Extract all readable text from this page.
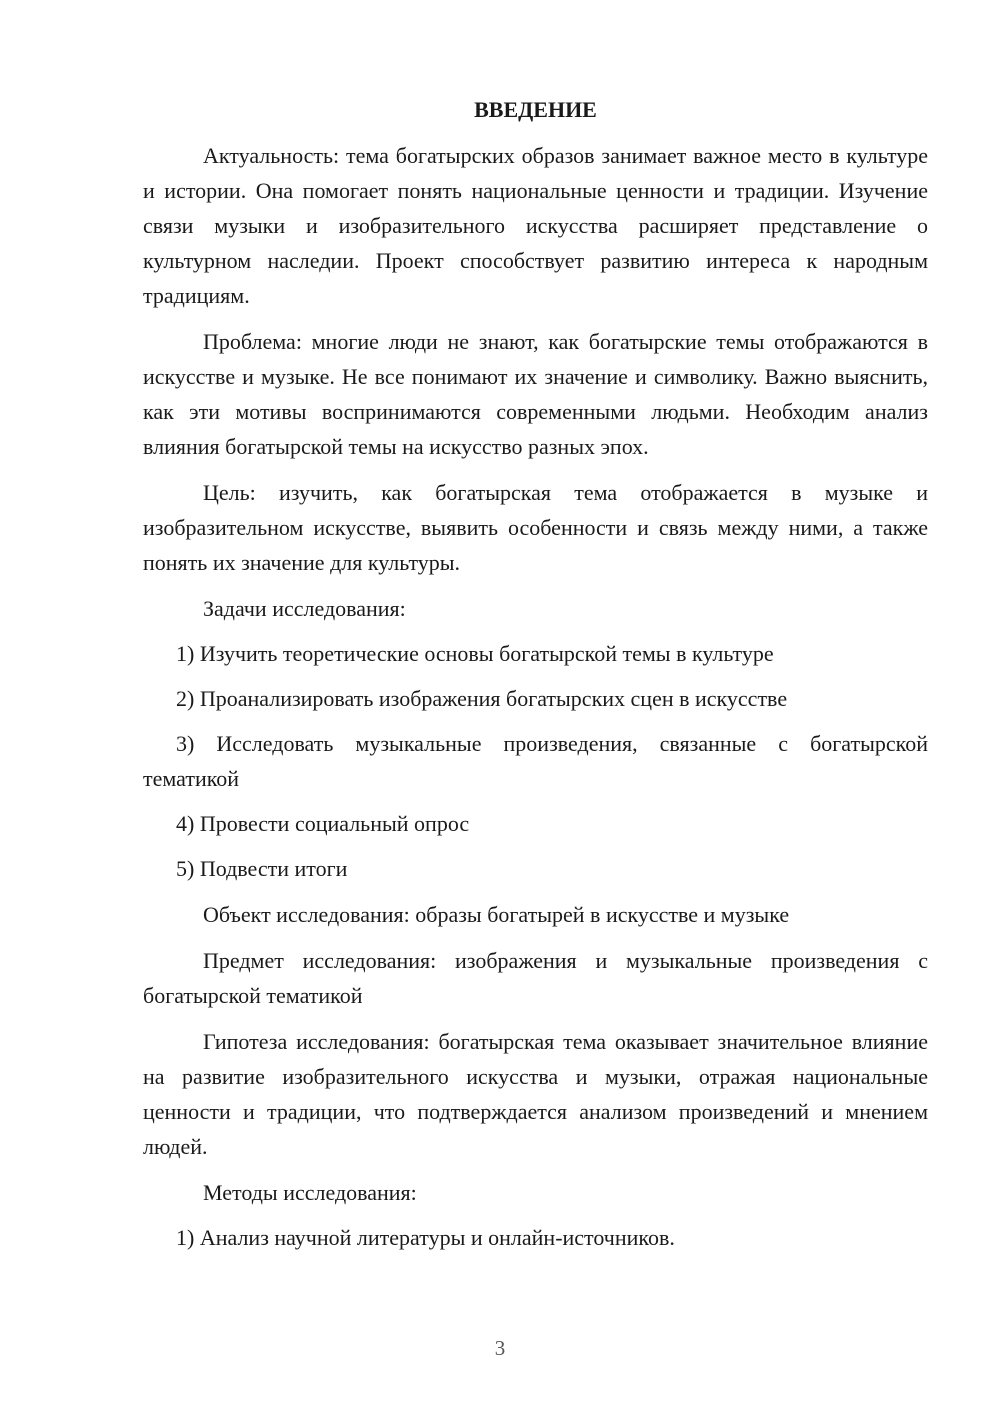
ВВЕДЕНИЕ

Актуальность: тема богатырских образов занимает важное место в культуре и истории. Она помогает понять национальные ценности и традиции. Изучение связи музыки и изобразительного искусства расширяет представление о культурном наследии. Проект способствует развитию интереса к народным традициям.

Проблема: многие люди не знают, как богатырские темы отображаются в искусстве и музыке. Не все понимают их значение и символику. Важно выяснить, как эти мотивы воспринимаются современными людьми. Необходим анализ влияния богатырской темы на искусство разных эпох.

Цель: изучить, как богатырская тема отображается в музыке и изобразительном искусстве, выявить особенности и связь между ними, а также понять их значение для культуры.

Задачи исследования:

1) Изучить теоретические основы богатырской темы в культуре

2) Проанализировать изображения богатырских сцен в искусстве

3) Исследовать музыкальные произведения, связанные с богатырской тематикой

4) Провести социальный опрос

5) Подвести итоги

Объект исследования: образы богатырей в искусстве и музыке

Предмет исследования: изображения и музыкальные произведения с богатырской тематикой

Гипотеза исследования: богатырская тема оказывает значительное влияние на развитие изобразительного искусства и музыки, отражая национальные ценности и традиции, что подтверждается анализом произведений и мнением людей.

Методы исследования:

1) Анализ научной литературы и онлайн-источников.

3
